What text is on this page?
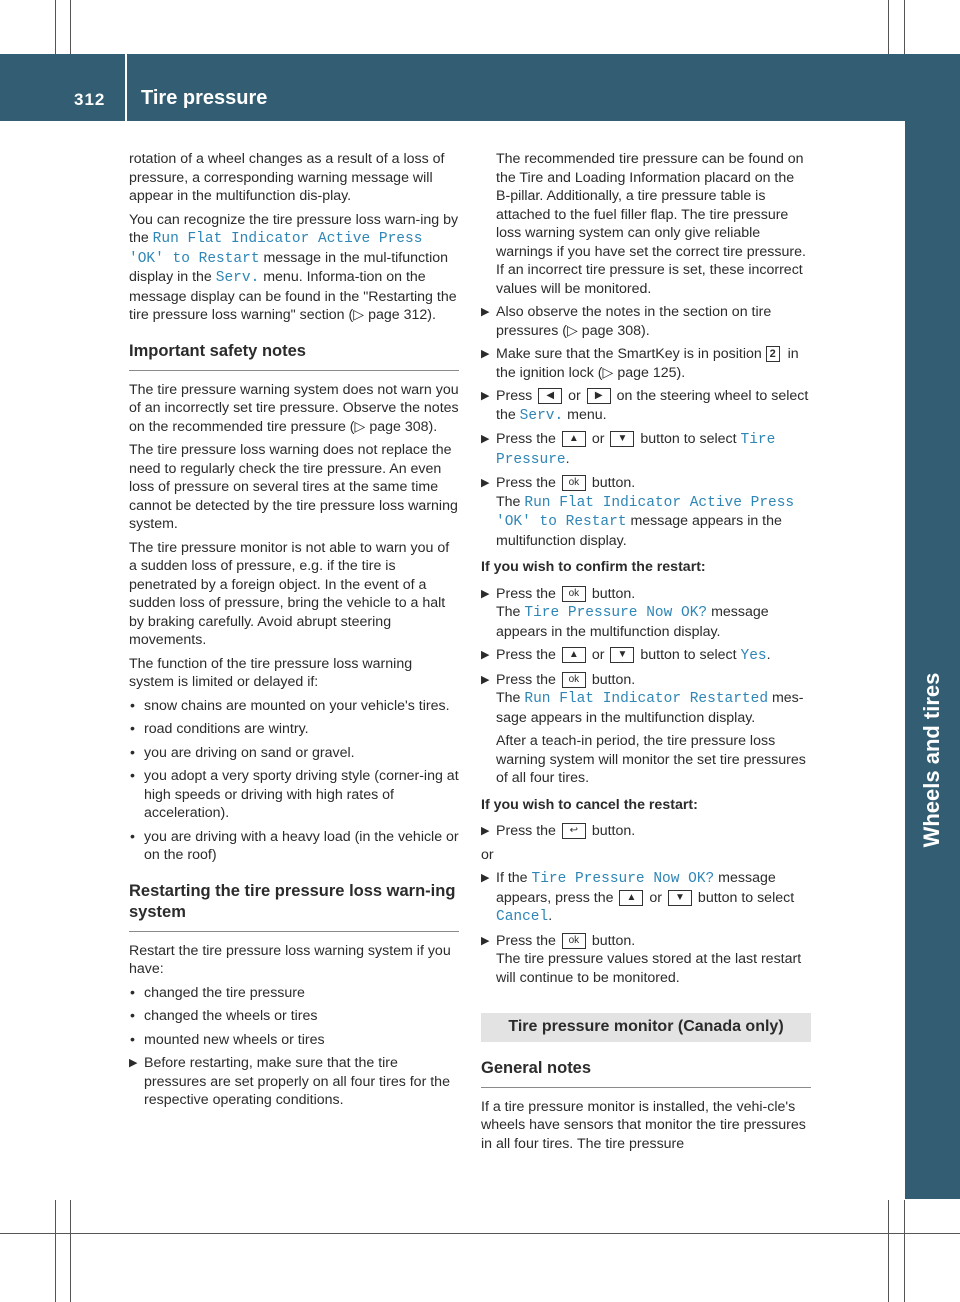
312 Tire pressure
Wheels and tires

rotation of a wheel changes as a result of a loss of pressure, a corresponding warning message will appear in the multifunction dis-play.

You can recognize the tire pressure loss warn-ing by the Run Flat Indicator Active Press 'OK' to Restart message in the mul-tifunction display in the Serv. menu. Informa-tion on the message display can be found in the "Restarting the tire pressure loss warning" section (▷ page 312).

Important safety notes

The tire pressure warning system does not warn you of an incorrectly set tire pressure. Observe the notes on the recommended tire pressure (▷ page 308).

The tire pressure loss warning does not replace the need to regularly check the tire pressure. An even loss of pressure on several tires at the same time cannot be detected by the tire pressure loss warning system.

The tire pressure monitor is not able to warn you of a sudden loss of pressure, e.g. if the tire is penetrated by a foreign object. In the event of a sudden loss of pressure, bring the vehicle to a halt by braking carefully. Avoid abrupt steering movements.

The function of the tire pressure loss warning system is limited or delayed if:

• snow chains are mounted on your vehicle's tires.
• road conditions are wintry.
• you are driving on sand or gravel.
• you adopt a very sporty driving style (corner-ing at high speeds or driving with high rates of acceleration).
• you are driving with a heavy load (in the vehicle or on the roof)
Restarting the tire pressure loss warn-ing system

Restart the tire pressure loss warning system if you have:

• changed the tire pressure
• changed the wheels or tires
• mounted new wheels or tires
▶ Before restarting, make sure that the tire pressures are set properly on all four tires for the respective operating conditions.

The recommended tire pressure can be found on the Tire and Loading Information placard on the B-pillar. Additionally, a tire pressure table is attached to the fuel filler flap. The tire pressure loss warning system can only give reliable warnings if you have set the correct tire pressure. If an incorrect tire pressure is set, these incorrect values will be monitored.

▶ Also observe the notes in the section on tire pressures (▷ page 308).
▶ Make sure that the SmartKey is in position 2 in the ignition lock (▷ page 125).
▶ Press ◀ or ▶ on the steering wheel to select the Serv. menu.
▶ Press the ▲ or ▼ button to select Tire Pressure.
▶ Press the ok button.
The Run Flat Indicator Active Press 'OK' to Restart message appears in the multifunction display.
If you wish to confirm the restart:
▶ Press the ok button.
The Tire Pressure Now OK? message appears in the multifunction display.
▶ Press the ▲ or ▼ button to select Yes.
▶ Press the ok button.
The Run Flat Indicator Restarted mes-sage appears in the multifunction display.

After a teach-in period, the tire pressure loss warning system will monitor the set tire pressures of all four tires.

If you wish to cancel the restart:
▶ Press the ↩ button.

or

▶ If the Tire Pressure Now OK? message appears, press the ▲ or ▼ button to select Cancel.
▶ Press the ok button.
The tire pressure values stored at the last restart will continue to be monitored.
Tire pressure monitor (Canada only)
General notes

If a tire pressure monitor is installed, the vehi-cle's wheels have sensors that monitor the tire pressures in all four tires. The tire pressure
